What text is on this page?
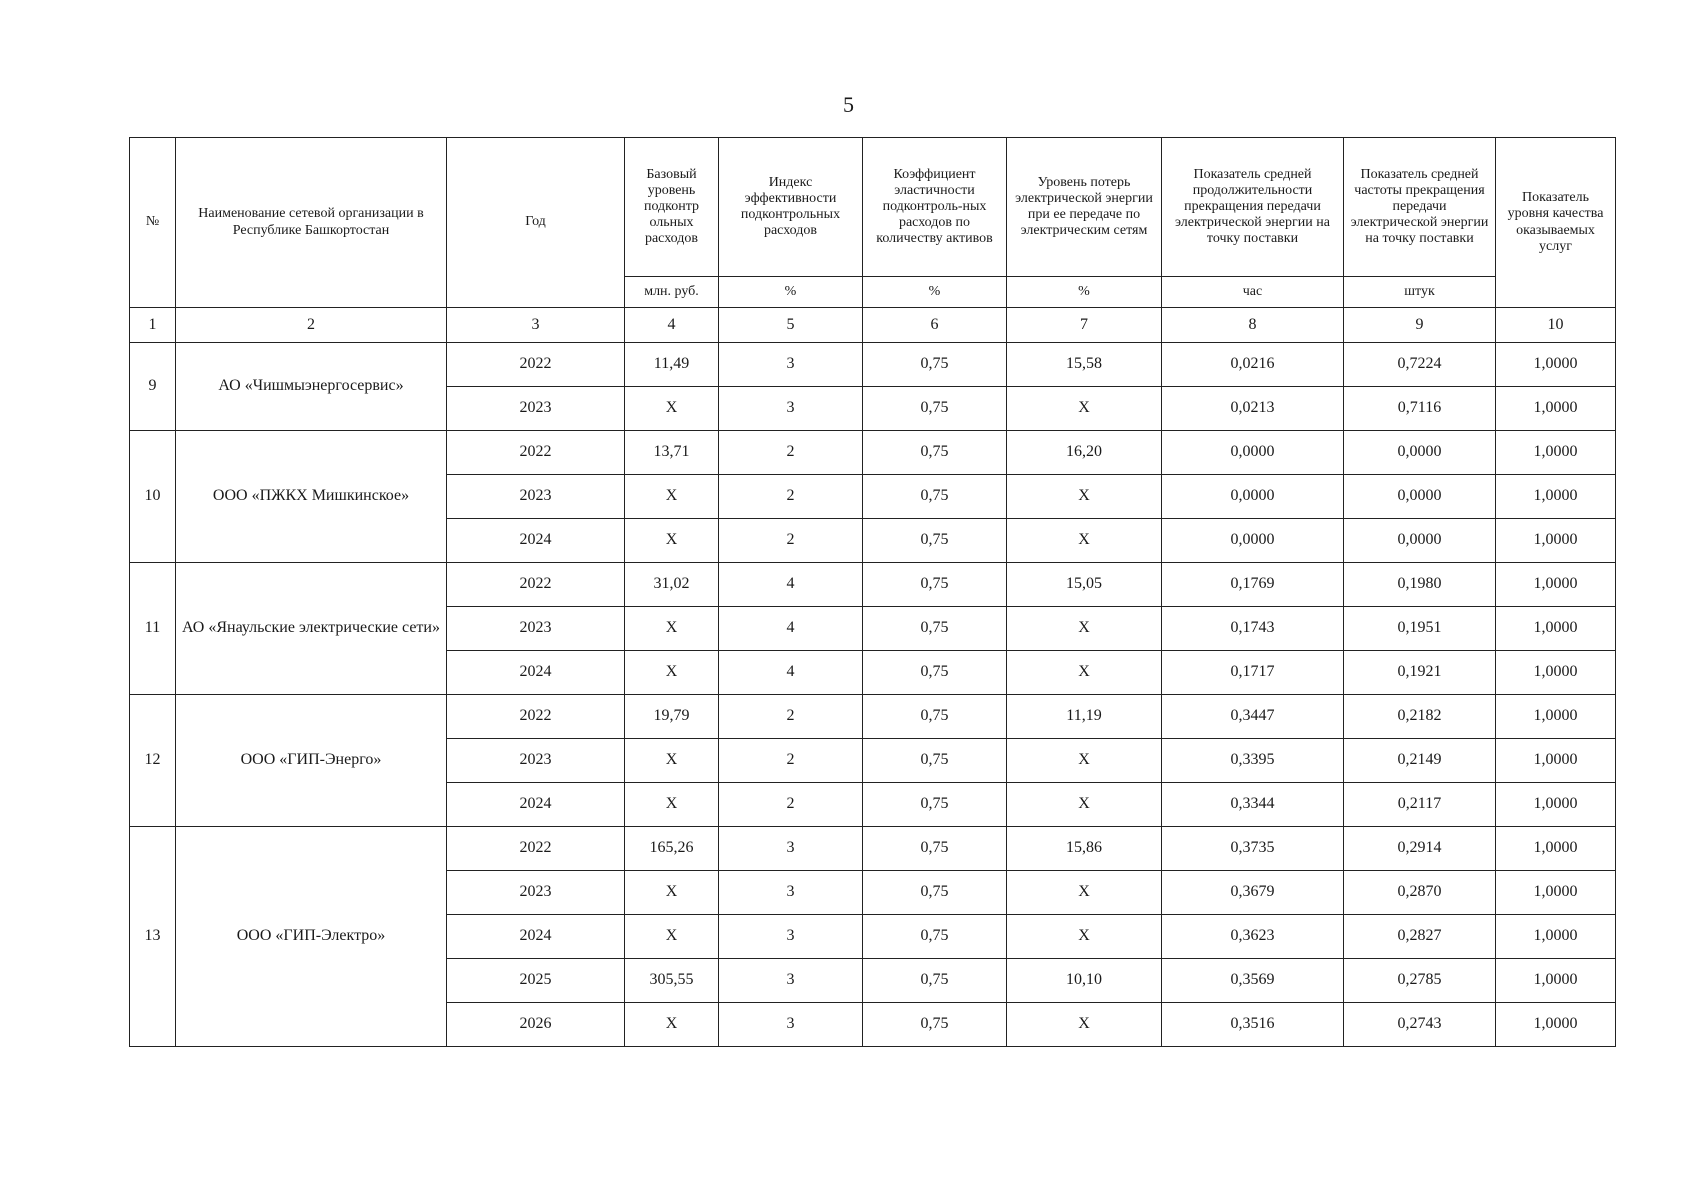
5
№	Наименование сетевой организации в Республике Башкортостан	Год	Базовый уровень подконтр ольных расходов	Индекс эффективности подконтрольных расходов	Коэффициент эластичности подконтроль-ных расходов по количеству активов	Уровень потерь электрической энергии при ее передаче по электрическим сетям	Показатель средней продолжительности прекращения передачи электрической энергии на точку поставки	Показатель средней частоты прекращения передачи электрической энергии на точку поставки	Показатель уровня качества оказываемых услуг
			млн. руб.	%	%	%	час	штук	
1	2	3	4	5	6	7	8	9	10
9	АО «Чишмыэнергосервис»	2022	11,49	3	0,75	15,58	0,0216	0,7224	1,0000
		2023	Х	3	0,75	Х	0,0213	0,7116	1,0000
10	ООО «ПЖКХ Мишкинское»	2022	13,71	2	0,75	16,20	0,0000	0,0000	1,0000
		2023	Х	2	0,75	Х	0,0000	0,0000	1,0000
		2024	Х	2	0,75	Х	0,0000	0,0000	1,0000
11	АО «Янаульские электрические сети»	2022	31,02	4	0,75	15,05	0,1769	0,1980	1,0000
		2023	Х	4	0,75	Х	0,1743	0,1951	1,0000
		2024	Х	4	0,75	Х	0,1717	0,1921	1,0000
12	ООО «ГИП-Энерго»	2022	19,79	2	0,75	11,19	0,3447	0,2182	1,0000
		2023	Х	2	0,75	Х	0,3395	0,2149	1,0000
		2024	Х	2	0,75	Х	0,3344	0,2117	1,0000
13	ООО «ГИП-Электро»	2022	165,26	3	0,75	15,86	0,3735	0,2914	1,0000
		2023	Х	3	0,75	Х	0,3679	0,2870	1,0000
		2024	Х	3	0,75	Х	0,3623	0,2827	1,0000
		2025	305,55	3	0,75	10,10	0,3569	0,2785	1,0000
		2026	Х	3	0,75	Х	0,3516	0,2743	1,0000
